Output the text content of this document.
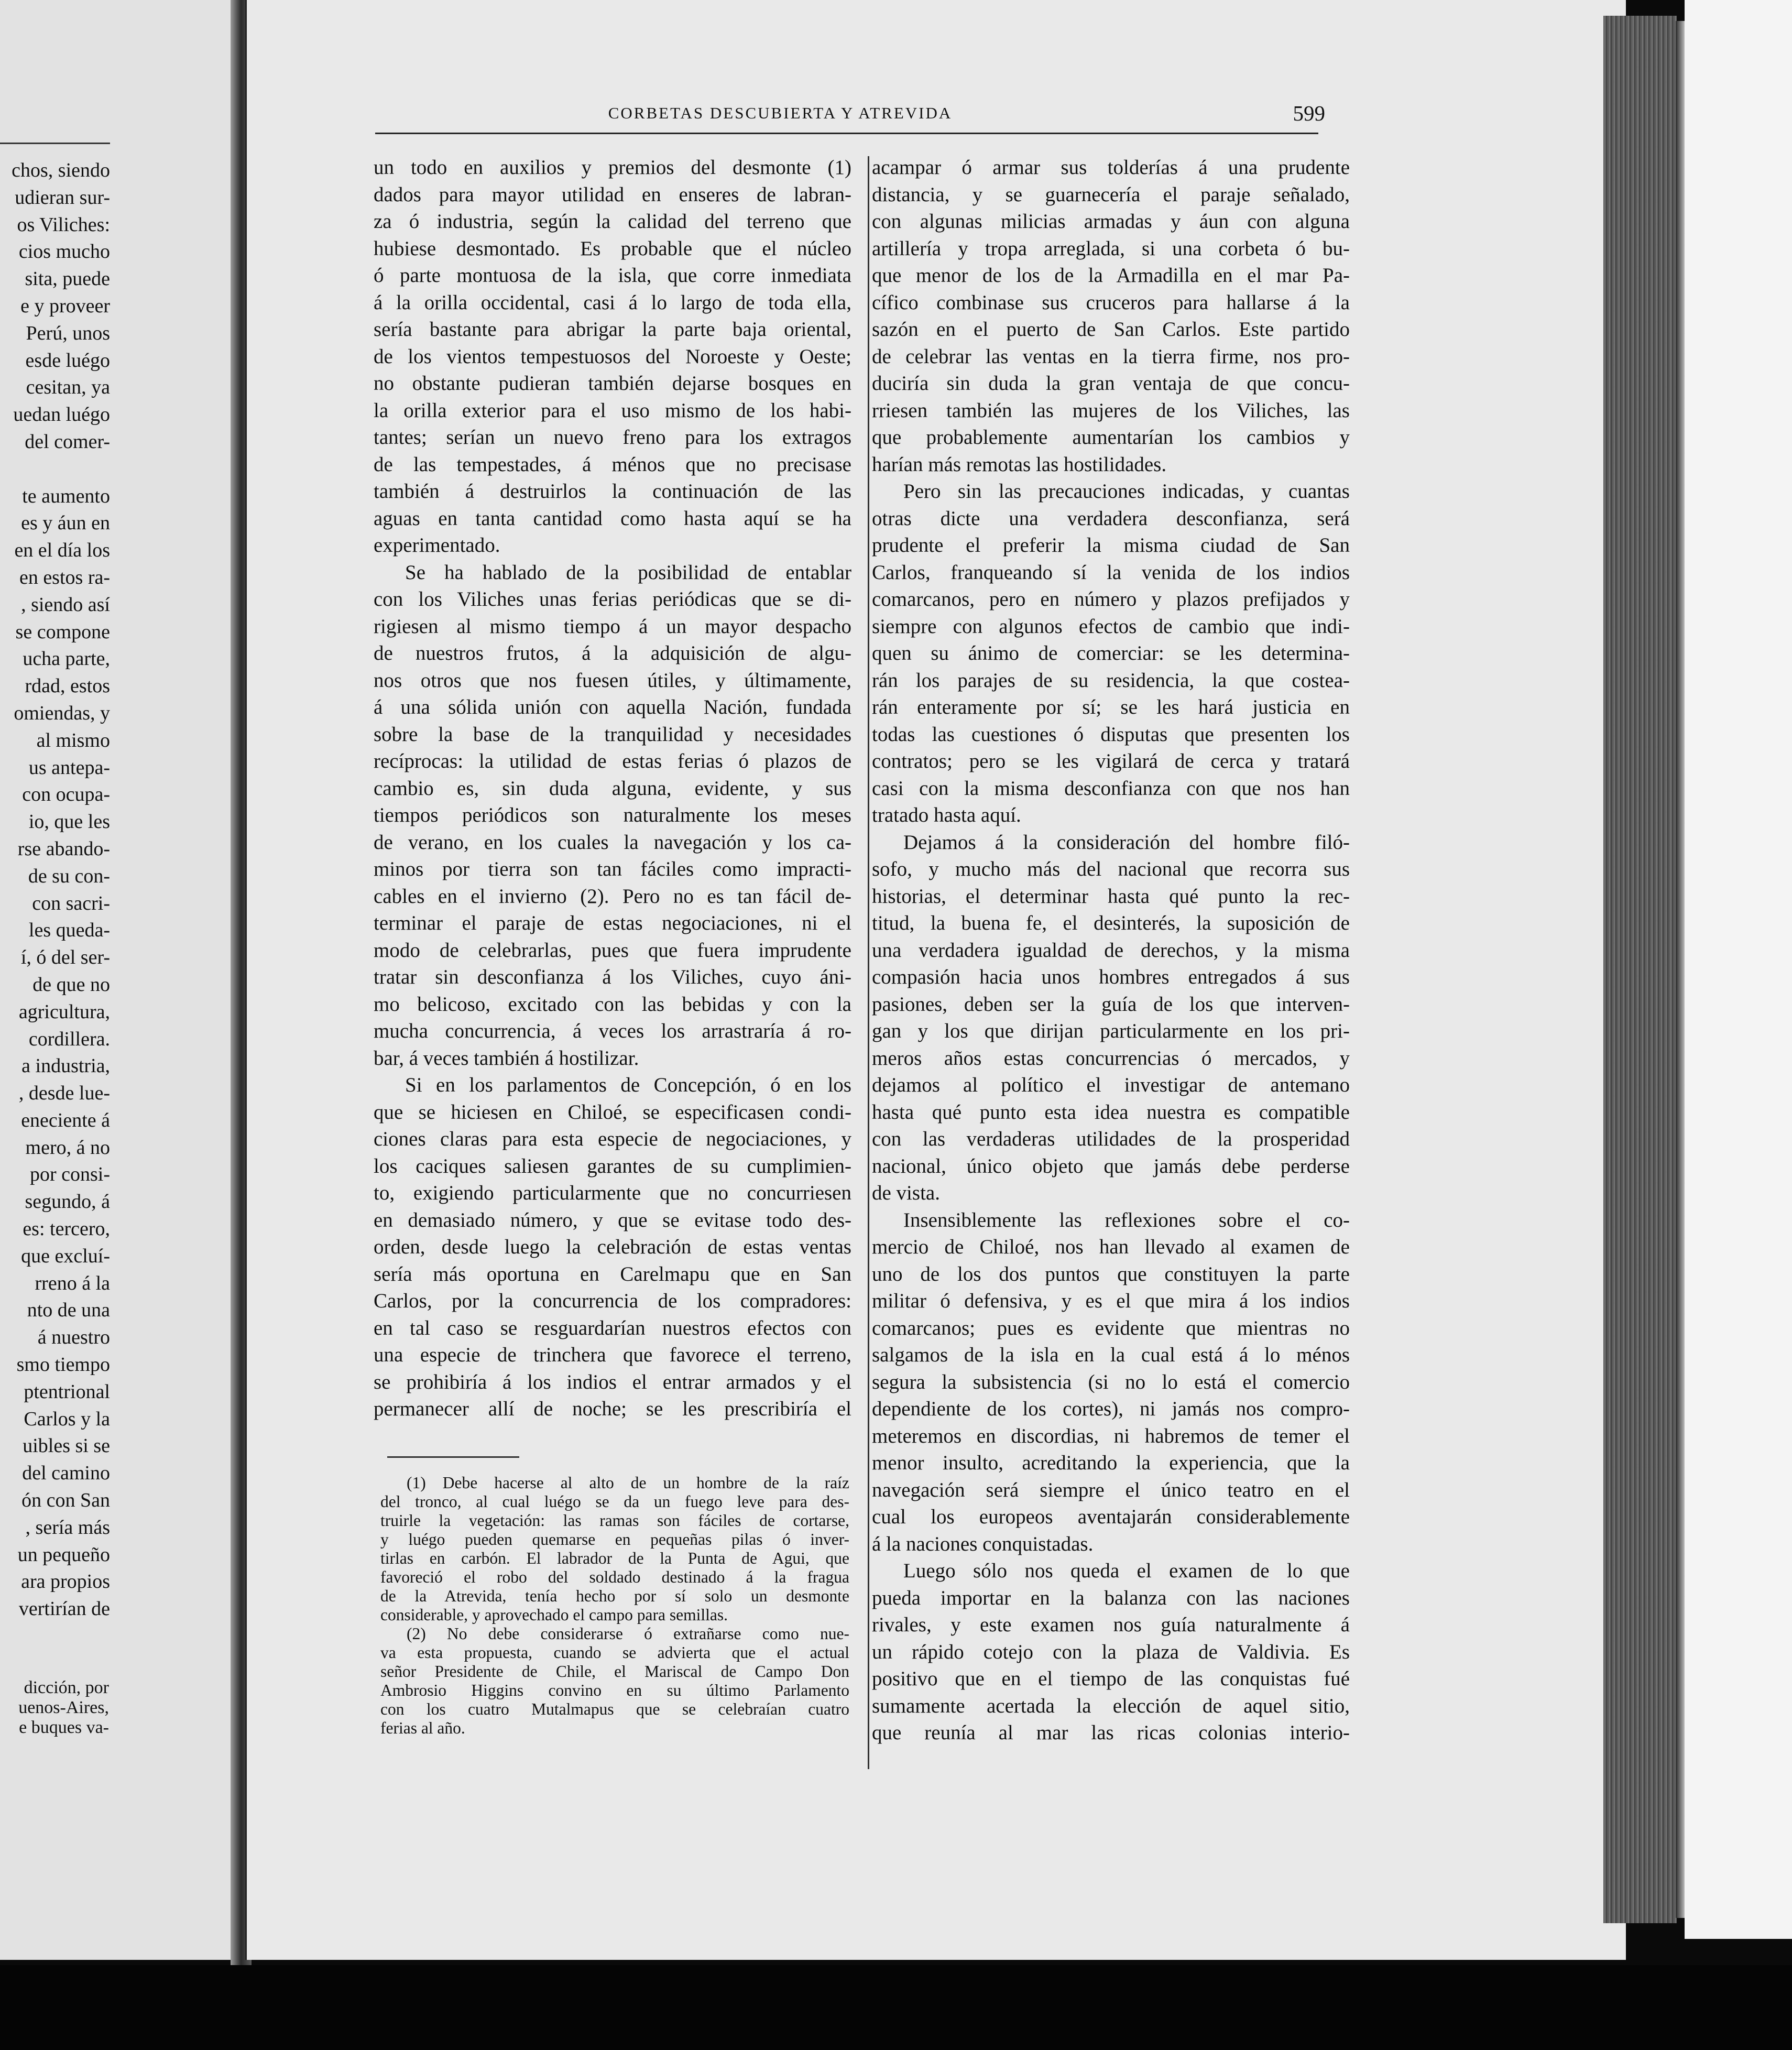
chos, siendo
udieran sur-
os Viliches:
cios mucho
sita, puede
e y proveer
Perú, unos
esde luégo
cesitan, ya
uedan luégo
del comer-
te aumento
es y áun en
en el día los
en estos ra-
, siendo así
se compone
ucha parte,
rdad, estos
omiendas, y
al mismo
us antepa-
con ocupa-
io, que les
rse abando-
de su con-
con sacri-
les queda-
í, ó del ser-
de que no
agricultura,
cordillera.
a industria,
, desde lue-
eneciente á
mero, á no
por consi-
segundo, á
es: tercero,
que excluí-
rreno á la
nto de una
á nuestro
smo tiempo
ptentrional
Carlos y la
uibles si se
del camino
ón con San
, sería más
un pequeño
ara propios
vertirían de
dicción, por
uenos-Aires,
e buques va-
CORBETAS DESCUBIERTA Y ATREVIDA	599
un todo en auxilios y premios del desmonte (1)
dados para mayor utilidad en enseres de labran-
za ó industria, según la calidad del terreno que
hubiese desmontado. Es probable que el núcleo
ó parte montuosa de la isla, que corre inmediata
á la orilla occidental, casi á lo largo de toda ella,
sería bastante para abrigar la parte baja oriental,
de los vientos tempestuosos del Noroeste y Oeste;
no obstante pudieran también dejarse bosques en
la orilla exterior para el uso mismo de los habi-
tantes; serían un nuevo freno para los extragos
de las tempestades, á ménos que no precisase
también á destruirlos la continuación de las
aguas en tanta cantidad como hasta aquí se ha
experimentado.
Se ha hablado de la posibilidad de entablar
con los Viliches unas ferias periódicas que se di-
rigiesen al mismo tiempo á un mayor despacho
de nuestros frutos, á la adquisición de algu-
nos otros que nos fuesen útiles, y últimamente,
á una sólida unión con aquella Nación, fundada
sobre la base de la tranquilidad y necesidades
recíprocas: la utilidad de estas ferias ó plazos de
cambio es, sin duda alguna, evidente, y sus
tiempos periódicos son naturalmente los meses
de verano, en los cuales la navegación y los ca-
minos por tierra son tan fáciles como impracti-
cables en el invierno (2). Pero no es tan fácil de-
terminar el paraje de estas negociaciones, ni el
modo de celebrarlas, pues que fuera imprudente
tratar sin desconfianza á los Viliches, cuyo áni-
mo belicoso, excitado con las bebidas y con la
mucha concurrencia, á veces los arrastraría á ro-
bar, á veces también á hostilizar.
Si en los parlamentos de Concepción, ó en los
que se hiciesen en Chiloé, se especificasen condi-
ciones claras para esta especie de negociaciones, y
los caciques saliesen garantes de su cumplimien-
to, exigiendo particularmente que no concurriesen
en demasiado número, y que se evitase todo des-
orden, desde luego la celebración de estas ventas
sería más oportuna en Carelmapu que en San
Carlos, por la concurrencia de los compradores:
en tal caso se resguardarían nuestros efectos con
una especie de trinchera que favorece el terreno,
se prohibiría á los indios el entrar armados y el
permanecer allí de noche; se les prescribiría el
acampar ó armar sus tolderías á una prudente
distancia, y se guarnecería el paraje señalado,
con algunas milicias armadas y áun con alguna
artillería y tropa arreglada, si una corbeta ó bu-
que menor de los de la Armadilla en el mar Pa-
cífico combinase sus cruceros para hallarse á la
sazón en el puerto de San Carlos. Este partido
de celebrar las ventas en la tierra firme, nos pro-
duciría sin duda la gran ventaja de que concu-
rriesen también las mujeres de los Viliches, las
que probablemente aumentarían los cambios y
harían más remotas las hostilidades.
Pero sin las precauciones indicadas, y cuantas
otras dicte una verdadera desconfianza, será
prudente el preferir la misma ciudad de San
Carlos, franqueando sí la venida de los indios
comarcanos, pero en número y plazos prefijados y
siempre con algunos efectos de cambio que indi-
quen su ánimo de comerciar: se les determina-
rán los parajes de su residencia, la que costea-
rán enteramente por sí; se les hará justicia en
todas las cuestiones ó disputas que presenten los
contratos; pero se les vigilará de cerca y tratará
casi con la misma desconfianza con que nos han
tratado hasta aquí.
Dejamos á la consideración del hombre filó-
sofo, y mucho más del nacional que recorra sus
historias, el determinar hasta qué punto la rec-
titud, la buena fe, el desinterés, la suposición de
una verdadera igualdad de derechos, y la misma
compasión hacia unos hombres entregados á sus
pasiones, deben ser la guía de los que interven-
gan y los que dirijan particularmente en los pri-
meros años estas concurrencias ó mercados, y
dejamos al político el investigar de antemano
hasta qué punto esta idea nuestra es compatible
con las verdaderas utilidades de la prosperidad
nacional, único objeto que jamás debe perderse
de vista.
Insensiblemente las reflexiones sobre el co-
mercio de Chiloé, nos han llevado al examen de
uno de los dos puntos que constituyen la parte
militar ó defensiva, y es el que mira á los indios
comarcanos; pues es evidente que mientras no
salgamos de la isla en la cual está á lo ménos
segura la subsistencia (si no lo está el comercio
dependiente de los cortes), ni jamás nos compro-
meteremos en discordias, ni habremos de temer el
menor insulto, acreditando la experiencia, que la
navegación será siempre el único teatro en el
cual los europeos aventajarán considerablemente
á la naciones conquistadas.
Luego sólo nos queda el examen de lo que
pueda importar en la balanza con las naciones
rivales, y este examen nos guía naturalmente á
un rápido cotejo con la plaza de Valdivia. Es
positivo que en el tiempo de las conquistas fué
sumamente acertada la elección de aquel sitio,
que reunía al mar las ricas colonias interio-
(1) Debe hacerse al alto de un hombre de la raíz
del tronco, al cual luégo se da un fuego leve para des-
truirle la vegetación: las ramas son fáciles de cortarse,
y luégo pueden quemarse en pequeñas pilas ó inver-
tirlas en carbón. El labrador de la Punta de Agui, que
favoreció el robo del soldado destinado á la fragua
de la Atrevida, tenía hecho por sí solo un desmonte
considerable, y aprovechado el campo para semillas.
(2) No debe considerarse ó extrañarse como nue-
va esta propuesta, cuando se advierta que el actual
señor Presidente de Chile, el Mariscal de Campo Don
Ambrosio Higgins convino en su último Parlamento
con los cuatro Mutalmapus que se celebraían cuatro
ferias al año.
